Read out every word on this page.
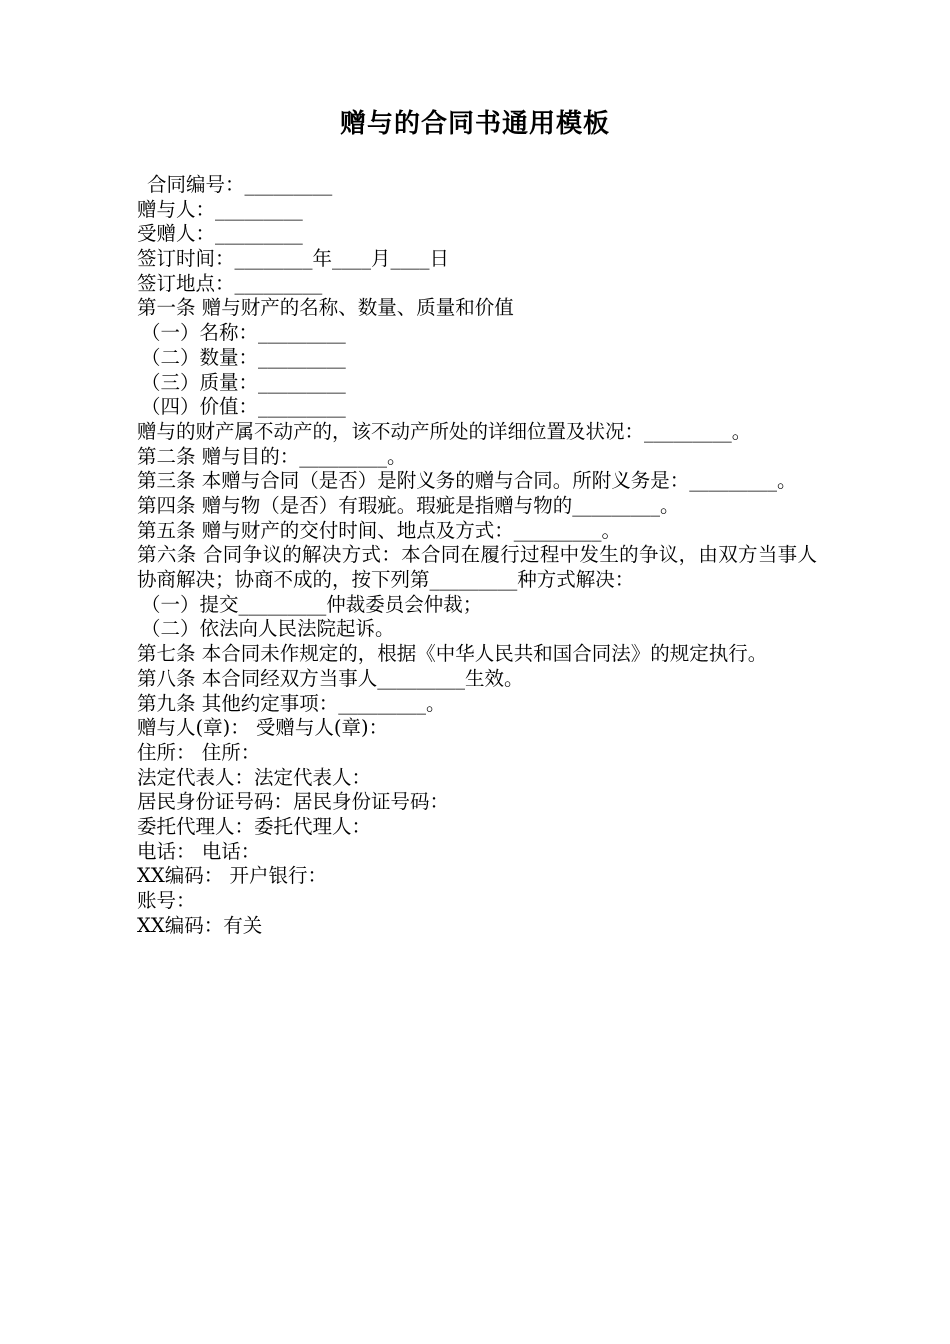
赠与的合同书通用模板
合同编号：_________
赠与人：_________
受赠人：_________
签订时间：________年____月____日
签订地点：_________
第一条 赠与财产的名称、数量、质量和价值
（一）名称：_________
（二）数量：_________
（三）质量：_________
（四）价值：_________
赠与的财产属不动产的，该不动产所处的详细位置及状况：_________。
第二条 赠与目的：_________。
第三条 本赠与合同（是否）是附义务的赠与合同。所附义务是：_________。
第四条 赠与物（是否）有瑕疵。瑕疵是指赠与物的_________。
第五条 赠与财产的交付时间、地点及方式：_________。
第六条 合同争议的解决方式：本合同在履行过程中发生的争议，由双方当事人协商解决；协商不成的，按下列第_________种方式解决：
（一）提交_________仲裁委员会仲裁；
（二）依法向人民法院起诉。
第七条 本合同未作规定的，根据《中华人民共和国合同法》的规定执行。
第八条 本合同经双方当事人_________生效。
第九条 其他约定事项：_________。
赠与人(章)： 受赠与人(章)：
住所： 住所：
法定代表人：法定代表人：
居民身份证号码：居民身份证号码：
委托代理人：委托代理人：
电话： 电话：
XX编码： 开户银行：
账号：
XX编码：有关
